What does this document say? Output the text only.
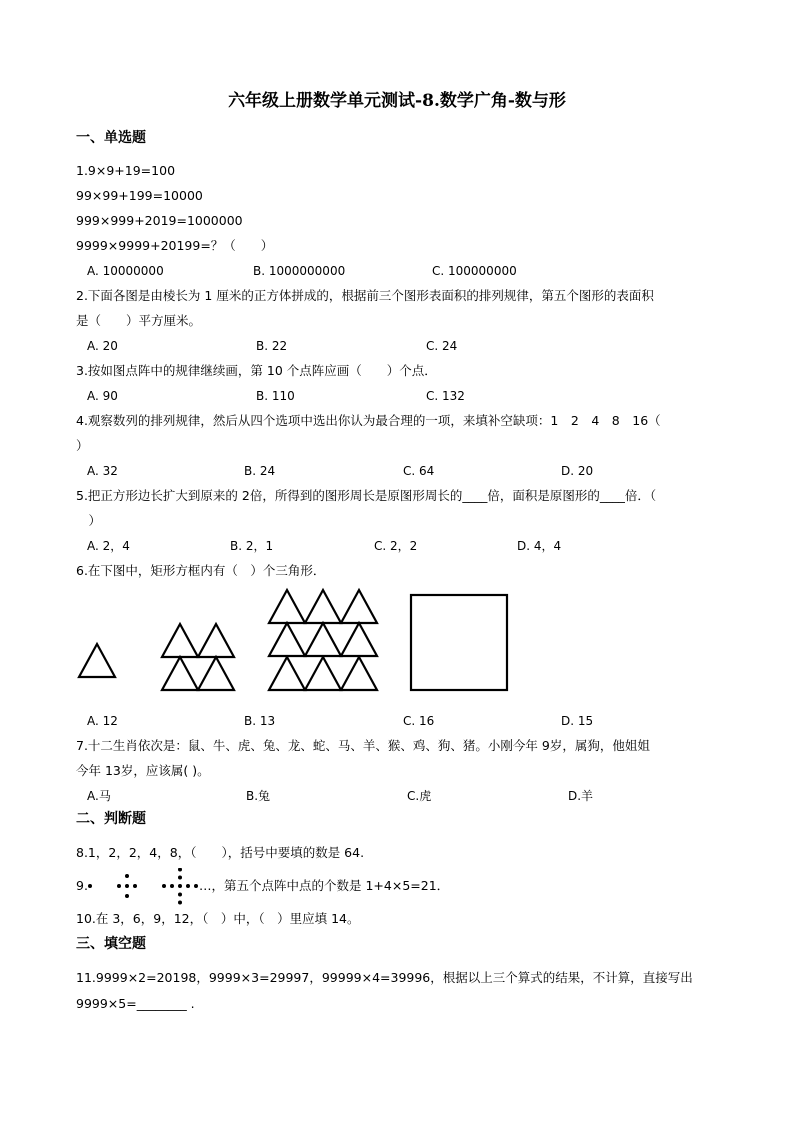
六年级上册数学单元测试-8.数学广角-数与形
一、单选题
1.9×9+19=100
99×99+199=10000
999×999+2019=1000000
9999×9999+20199=？（　　）
A. 10000000	B. 1000000000	C. 100000000
2.下面各图是由棱长为 1 厘米的正方体拼成的，根据前三个图形表面积的排列规律，第五个图形的表面积
是（　　）平方厘米。
A. 20	B. 22	C. 24
3.按如图点阵中的规律继续画，第 10 个点阵应画（　　）个点．
A. 90	B. 110	C. 132
4.观察数列的排列规律，然后从四个选项中选出你认为最合理的一项，来填补空缺项：1　2　4　8　16（
）
A. 32	B. 24	C. 64	D. 20
5.把正方形边长扩大到原来的 2倍，所得到的图形周长是原图形周长的____倍，面积是原图形的____倍．（
　）
A. 2，4	B. 2，1	C. 2，2	D. 4，4
6.在下图中，矩形方框内有（　）个三角形．
A. 12	B. 13	C. 16	D. 15
7.十二生肖依次是：鼠、牛、虎、兔、龙、蛇、马、羊、猴、鸡、狗、猪。小刚今年 9岁，属狗，他姐姐
今年 13岁，应该属( )。
A.马	B.兔	C.虎	D.羊
二、判断题
8.1，2，2，4，8，（　　），括号中要填的数是 64.
9.	…，第五个点阵中点的个数是 1+4×5=21．
10.在 3，6，9，12，（　）中，（　）里应填 14。
三、填空题
11.9999×2=20198，9999×3=29997，99999×4=39996，根据以上三个算式的结果，不计算，直接写出
9999×5=________ .
